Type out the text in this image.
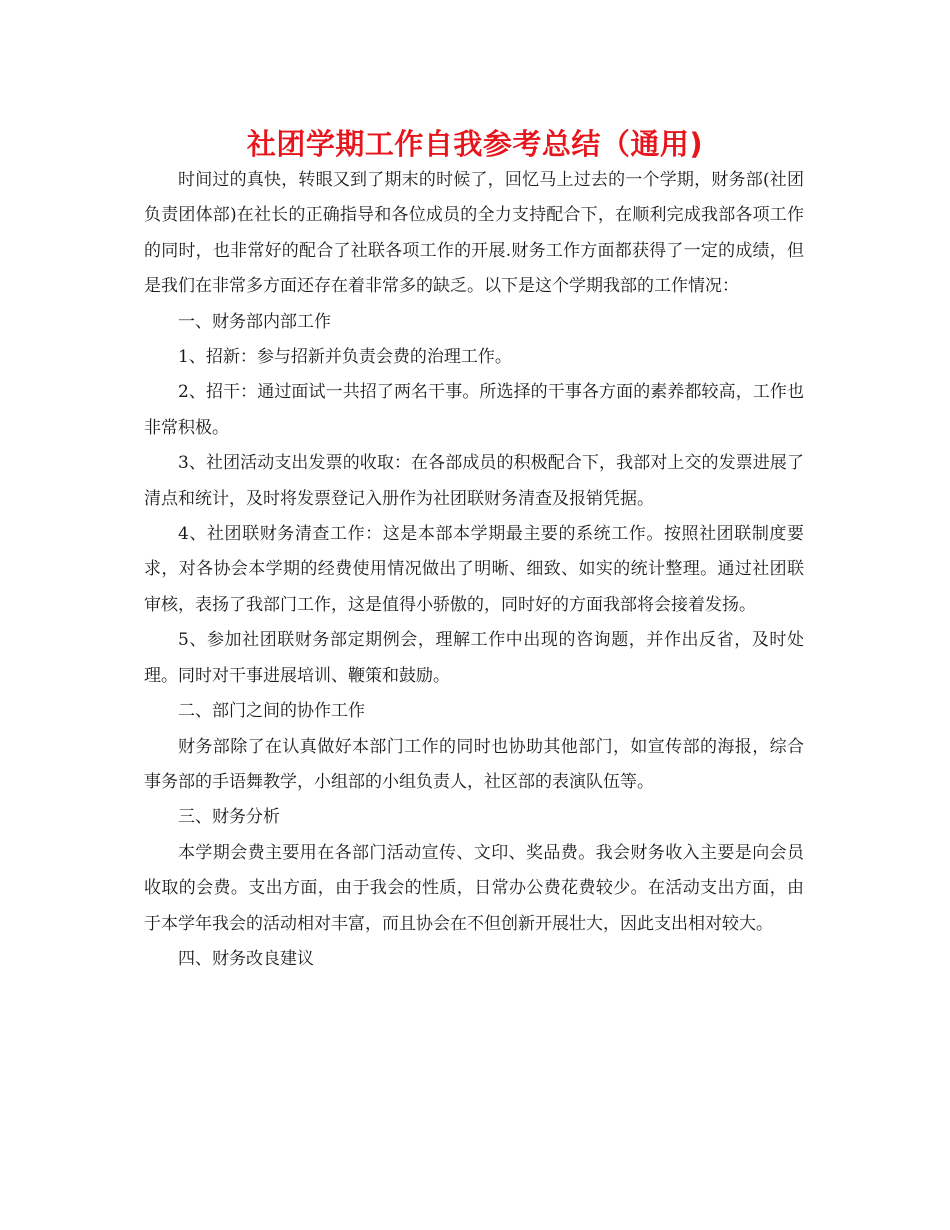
社团学期工作自我参考总结（通用)

时间过的真快，转眼又到了期末的时候了，回忆马上过去的一个学期，财务部(社团负责团体部)在社长的正确指导和各位成员的全力支持配合下，在顺利完成我部各项工作的同时，也非常好的配合了社联各项工作的开展.财务工作方面都获得了一定的成绩，但是我们在非常多方面还存在着非常多的缺乏。以下是这个学期我部的工作情况：

一、财务部内部工作

1、招新：参与招新并负责会费的治理工作。

2、招干：通过面试一共招了两名干事。所选择的干事各方面的素养都较高，工作也非常积极。

3、社团活动支出发票的收取：在各部成员的积极配合下，我部对上交的发票进展了清点和统计，及时将发票登记入册作为社团联财务清查及报销凭据。

4、社团联财务清查工作：这是本部本学期最主要的系统工作。按照社团联制度要求，对各协会本学期的经费使用情况做出了明晰、细致、如实的统计整理。通过社团联审核，表扬了我部门工作，这是值得小骄傲的，同时好的方面我部将会接着发扬。

5、参加社团联财务部定期例会，理解工作中出现的咨询题，并作出反省，及时处理。同时对干事进展培训、鞭策和鼓励。

二、部门之间的协作工作

财务部除了在认真做好本部门工作的同时也协助其他部门，如宣传部的海报，综合事务部的手语舞教学，小组部的小组负责人，社区部的表演队伍等。

三、财务分析

本学期会费主要用在各部门活动宣传、文印、奖品费。我会财务收入主要是向会员收取的会费。支出方面，由于我会的性质，日常办公费花费较少。在活动支出方面，由于本学年我会的活动相对丰富，而且协会在不但创新开展壮大，因此支出相对较大。

四、财务改良建议
